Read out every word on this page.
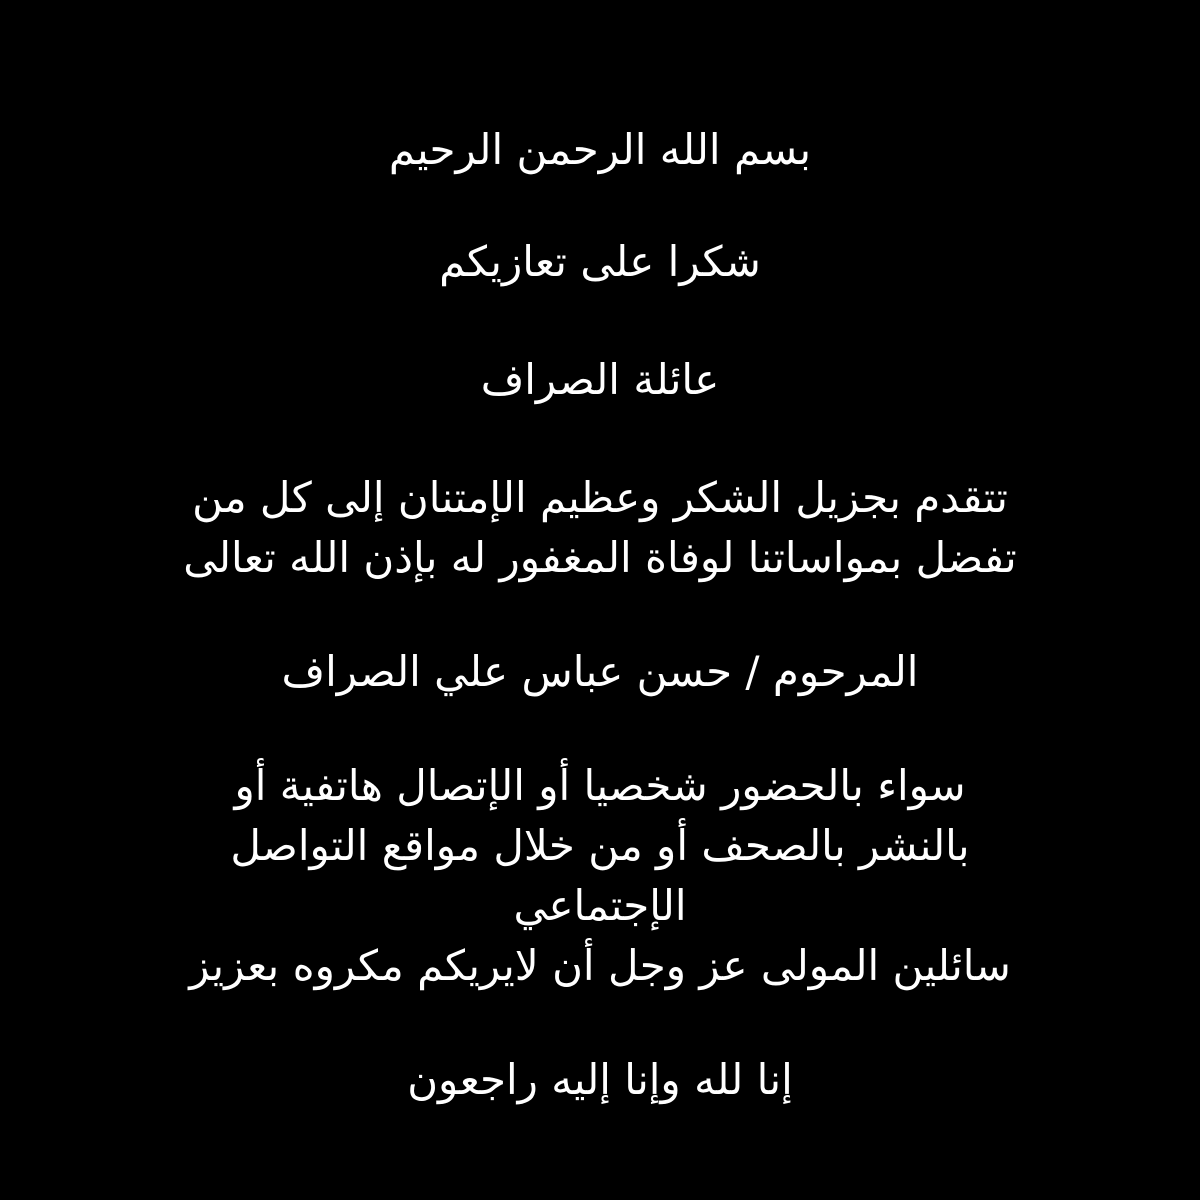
بسم الله الرحمن الرحيم
شكرا على تعازيكم
عائلة الصراف
تتقدم بجزيل الشكر وعظيم الإمتنان إلى كل من
تفضل بمواساتنا لوفاة المغفور له بإذن الله تعالى
المرحوم / حسن عباس علي الصراف
سواء بالحضور شخصيا أو الإتصال هاتفية أو
بالنشر بالصحف أو من خلال مواقع التواصل
الإجتماعي
سائلين المولى عز وجل أن لايريكم مكروه بعزيز
إنا لله وإنا إليه راجعون
